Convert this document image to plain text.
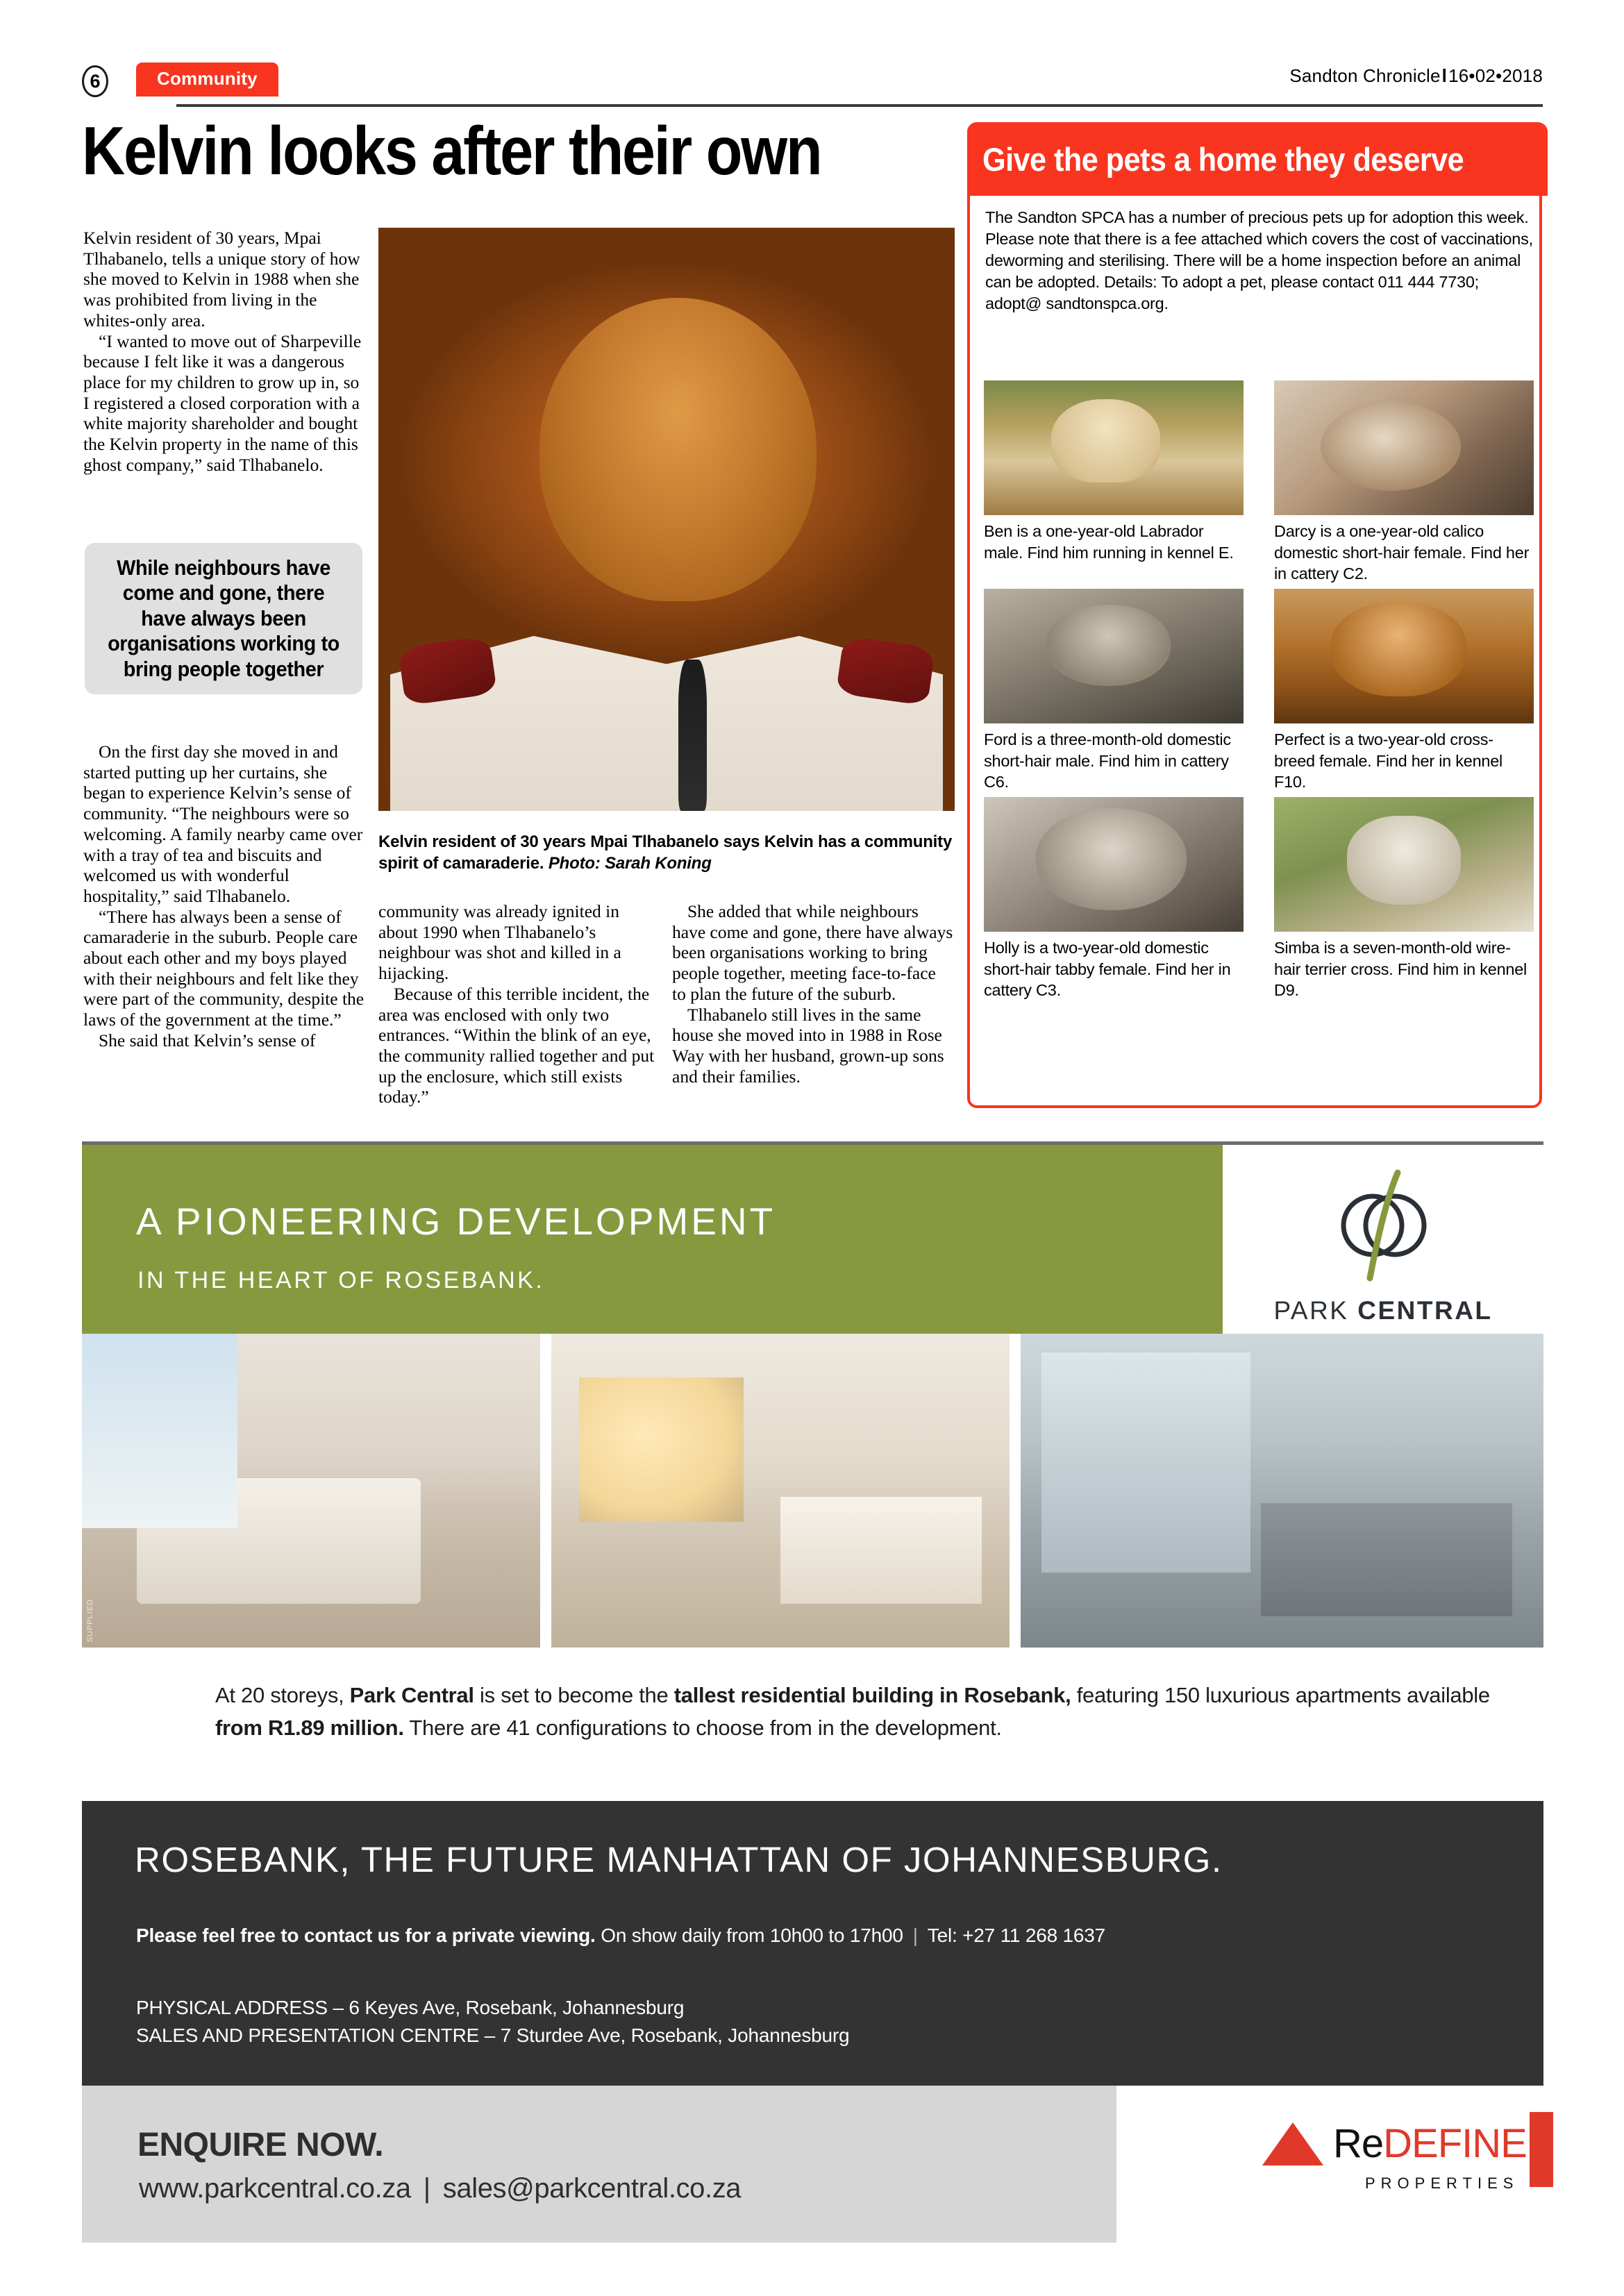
6	Community	Sandton Chroniclel16•02•2018
Kelvin looks after their own

Kelvin resident of 30 years, Mpai Tlhabanelo, tells a unique story of how she moved to Kelvin in 1988 when she was prohibited from living in the whites-only area.

“I wanted to move out of Sharpeville because I felt like it was a dangerous place for my children to grow up in, so I registered a closed corporation with a white majority shareholder and bought the Kelvin property in the name of this ghost company,” said Tlhabanelo.

While neighbours have come and gone, there have always been organisations working to bring people together

On the first day she moved in and started putting up her curtains, she began to experience Kelvin’s sense of community. “The neighbours were so welcoming. A family nearby came over with a tray of tea and biscuits and welcomed us with wonderful hospitality,” said Tlhabanelo.

“There has always been a sense of camaraderie in the suburb. People care about each other and my boys played with their neighbours and felt like they were part of the community, despite the laws of the government at the time.”

She said that Kelvin’s sense of

Kelvin resident of 30 years Mpai Tlhabanelo says Kelvin has a community spirit of camaraderie. Photo: Sarah Koning

community was already ignited in about 1990 when Tlhabanelo’s neighbour was shot and killed in a hijacking.

Because of this terrible incident, the area was enclosed with only two entrances. “Within the blink of an eye, the community rallied together and put up the enclosure, which still exists today.”

She added that while neighbours have come and gone, there have always been organisations working to bring people together, meeting face-to-face to plan the future of the suburb.

Tlhabanelo still lives in the same house she moved into in 1988 in Rose Way with her husband, grown-up sons and their families.

Give the pets a home they deserve
The Sandton SPCA has a number of precious pets up for adoption this week. Please note that there is a fee attached which covers the cost of vaccinations, deworming and sterilising. There will be a home inspection before an animal can be adopted. Details: To adopt a pet, please contact 011 444 7730; adopt@ sandtonspca.org.
Ben is a one-year-old Labrador male. Find him running in kennel E.
Darcy is a one-year-old calico domestic short-hair female. Find her in cattery C2.
Ford is a three-month-old domestic short-hair male. Find him in cattery C6.
Perfect is a two-year-old cross-breed female. Find her in kennel F10.
Holly is a two-year-old domestic short-hair tabby female. Find her in cattery C3.
Simba is a seven-month-old wire-hair terrier cross. Find him in kennel D9.
A PIONEERING DEVELOPMENT
IN THE HEART OF ROSEBANK.
PARK CENTRAL
SUPPLIED
At 20 storeys, Park Central is set to become the tallest residential building in Rosebank, featuring 150 luxurious apartments available from R1.89 million. There are 41 configurations to choose from in the development.
ROSEBANK, THE FUTURE MANHATTAN OF JOHANNESBURG.
Please feel free to contact us for a private viewing. On show daily from 10h00 to 17h00 | Tel: +27 11 268 1637
PHYSICAL ADDRESS – 6 Keyes Ave, Rosebank, Johannesburg
SALES AND PRESENTATION CENTRE – 7 Sturdee Ave, Rosebank, Johannesburg
ENQUIRE NOW.
www.parkcentral.co.za | sales@parkcentral.co.za
ReDEFINE
PROPERTIES
